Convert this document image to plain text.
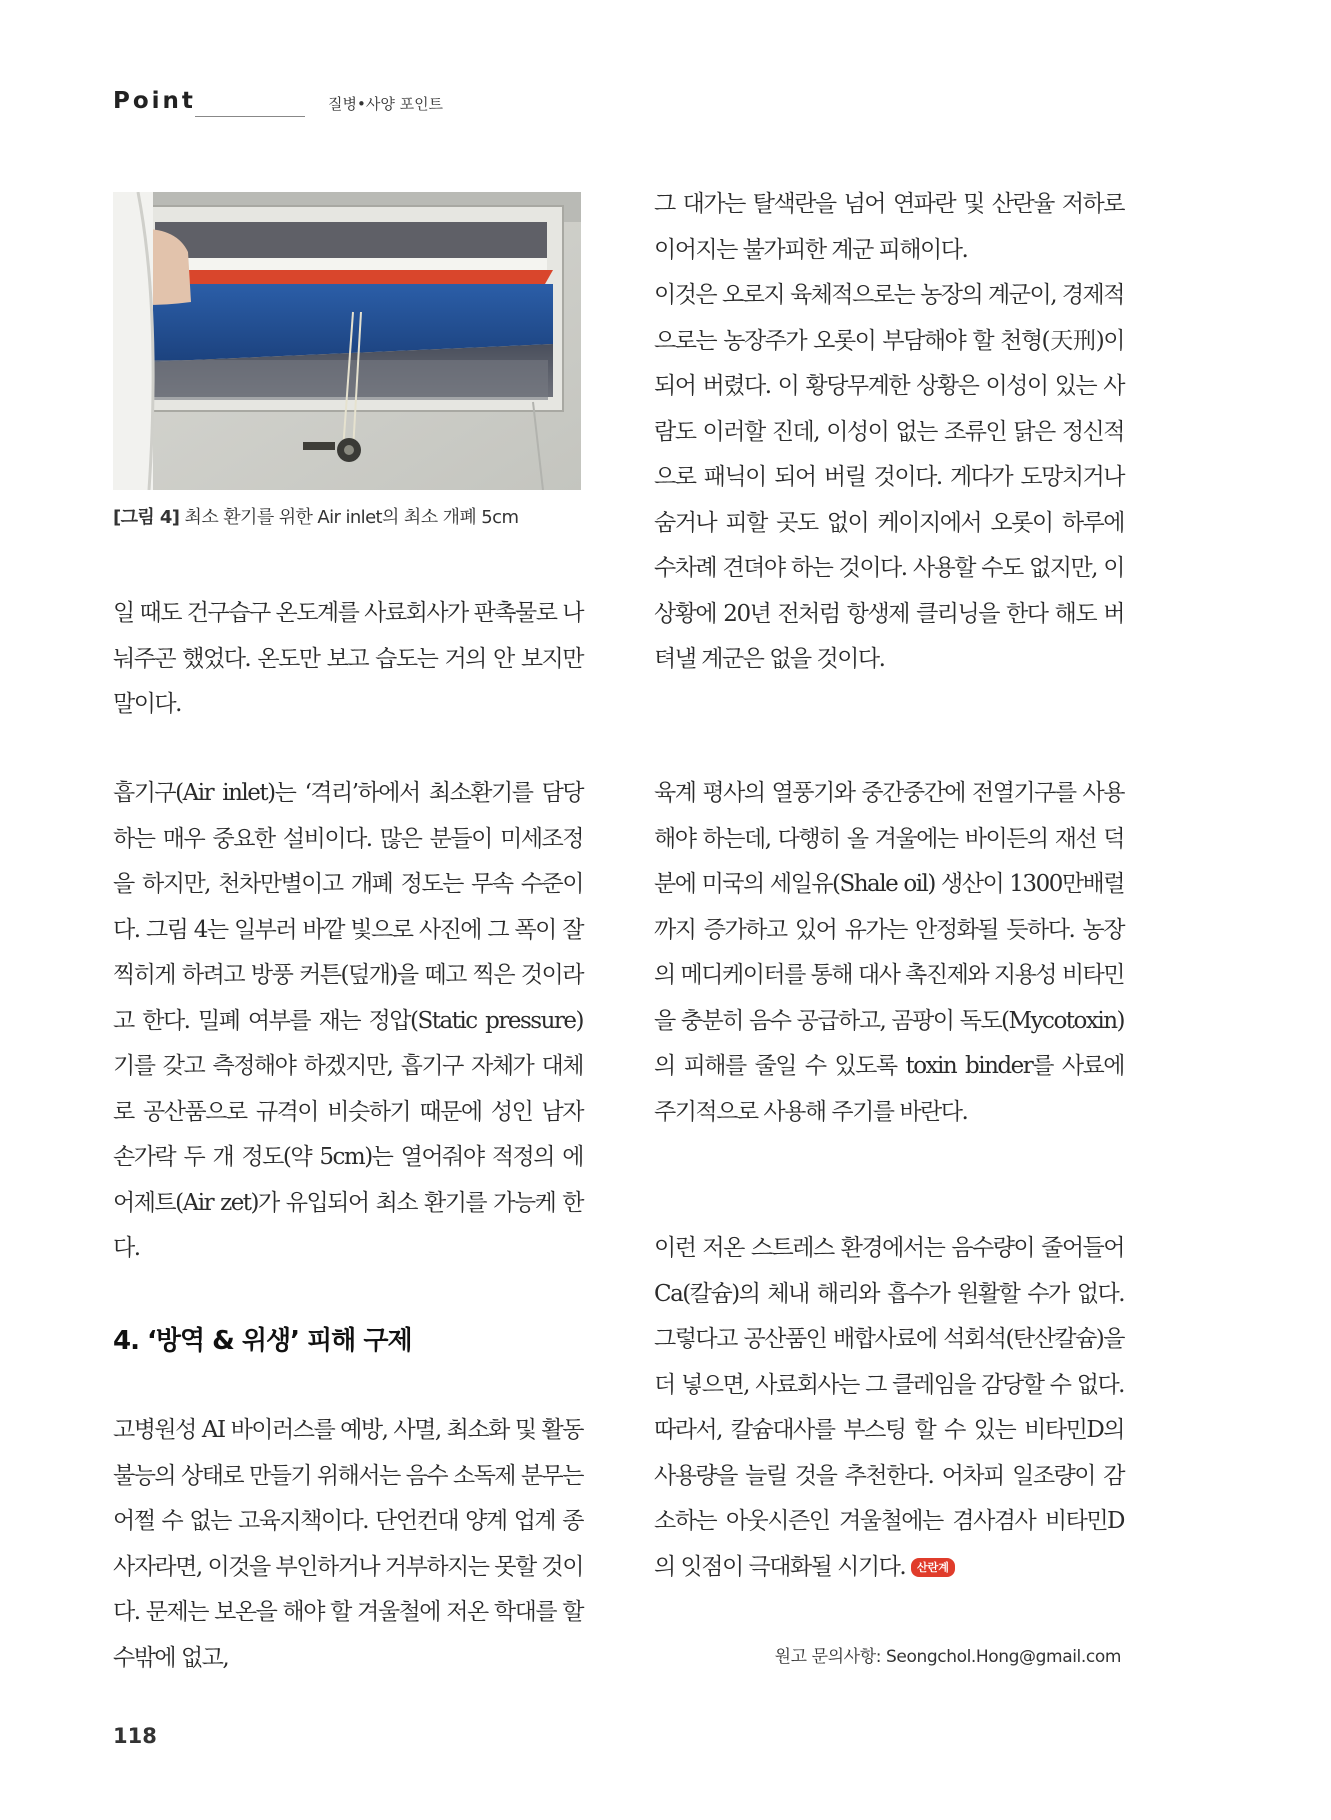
Point	질병•사양 포인트
[그림 4] 최소 환기를 위한 Air inlet의 최소 개폐 5cm

일 때도 건구습구 온도계를 사료회사가 판촉물로 나눠주곤 했었다. 온도만 보고 습도는 거의 안 보지만 말이다.

흡기구(Air inlet)는 ‘격리’하에서 최소환기를 담당하는 매우 중요한 설비이다. 많은 분들이 미세조정을 하지만, 천차만별이고 개폐 정도는 무속 수준이다. 그림 4는 일부러 바깥 빛으로 사진에 그 폭이 잘 찍히게 하려고 방풍 커튼(덮개)을 떼고 찍은 것이라고 한다. 밀폐 여부를 재는 정압(Static pressure)기를 갖고 측정해야 하겠지만, 흡기구 자체가 대체로 공산품으로 규격이 비슷하기 때문에 성인 남자 손가락 두 개 정도(약 5cm)는 열어줘야 적정의 에어제트(Air zet)가 유입되어 최소 환기를 가능케 한다.

4. ‘방역 & 위생’ 피해 구제

고병원성 AI 바이러스를 예방, 사멸, 최소화 및 활동 불능의 상태로 만들기 위해서는 음수 소독제 분무는 어쩔 수 없는 고육지책이다. 단언컨대 양계 업계 종사자라면, 이것을 부인하거나 거부하지는 못할 것이다. 문제는 보온을 해야 할 겨울철에 저온 학대를 할 수밖에 없고,

그 대가는 탈색란을 넘어 연파란 및 산란율 저하로 이어지는 불가피한 계군 피해이다.

이것은 오로지 육체적으로는 농장의 계군이, 경제적으로는 농장주가 오롯이 부담해야 할 천형(天刑)이 되어 버렸다. 이 황당무계한 상황은 이성이 있는 사람도 이러할 진데, 이성이 없는 조류인 닭은 정신적으로 패닉이 되어 버릴 것이다. 게다가 도망치거나 숨거나 피할 곳도 없이 케이지에서 오롯이 하루에 수차례 견뎌야 하는 것이다. 사용할 수도 없지만, 이 상황에 20년 전처럼 항생제 클리닝을 한다 해도 버텨낼 계군은 없을 것이다.

육계 평사의 열풍기와 중간중간에 전열기구를 사용해야 하는데, 다행히 올 겨울에는 바이든의 재선 덕분에 미국의 세일유(Shale oil) 생산이 1300만배럴까지 증가하고 있어 유가는 안정화될 듯하다. 농장의 메디케이터를 통해 대사 촉진제와 지용성 비타민을 충분히 음수 공급하고, 곰팡이 독도(Mycotoxin)의 피해를 줄일 수 있도록 toxin binder를 사료에 주기적으로 사용해 주기를 바란다.

이런 저온 스트레스 환경에서는 음수량이 줄어들어 Ca(칼슘)의 체내 해리와 흡수가 원활할 수가 없다. 그렇다고 공산품인 배합사료에 석회석(탄산칼슘)을 더 넣으면, 사료회사는 그 클레임을 감당할 수 없다. 따라서, 칼슘대사를 부스팅 할 수 있는 비타민D의 사용량을 늘릴 것을 추천한다. 어차피 일조량이 감소하는 아웃시즌인 겨울철에는 겸사겸사 비타민D의 잇점이 극대화될 시기다. 산란계

원고 문의사항: Seongchol.Hong@gmail.com
118
